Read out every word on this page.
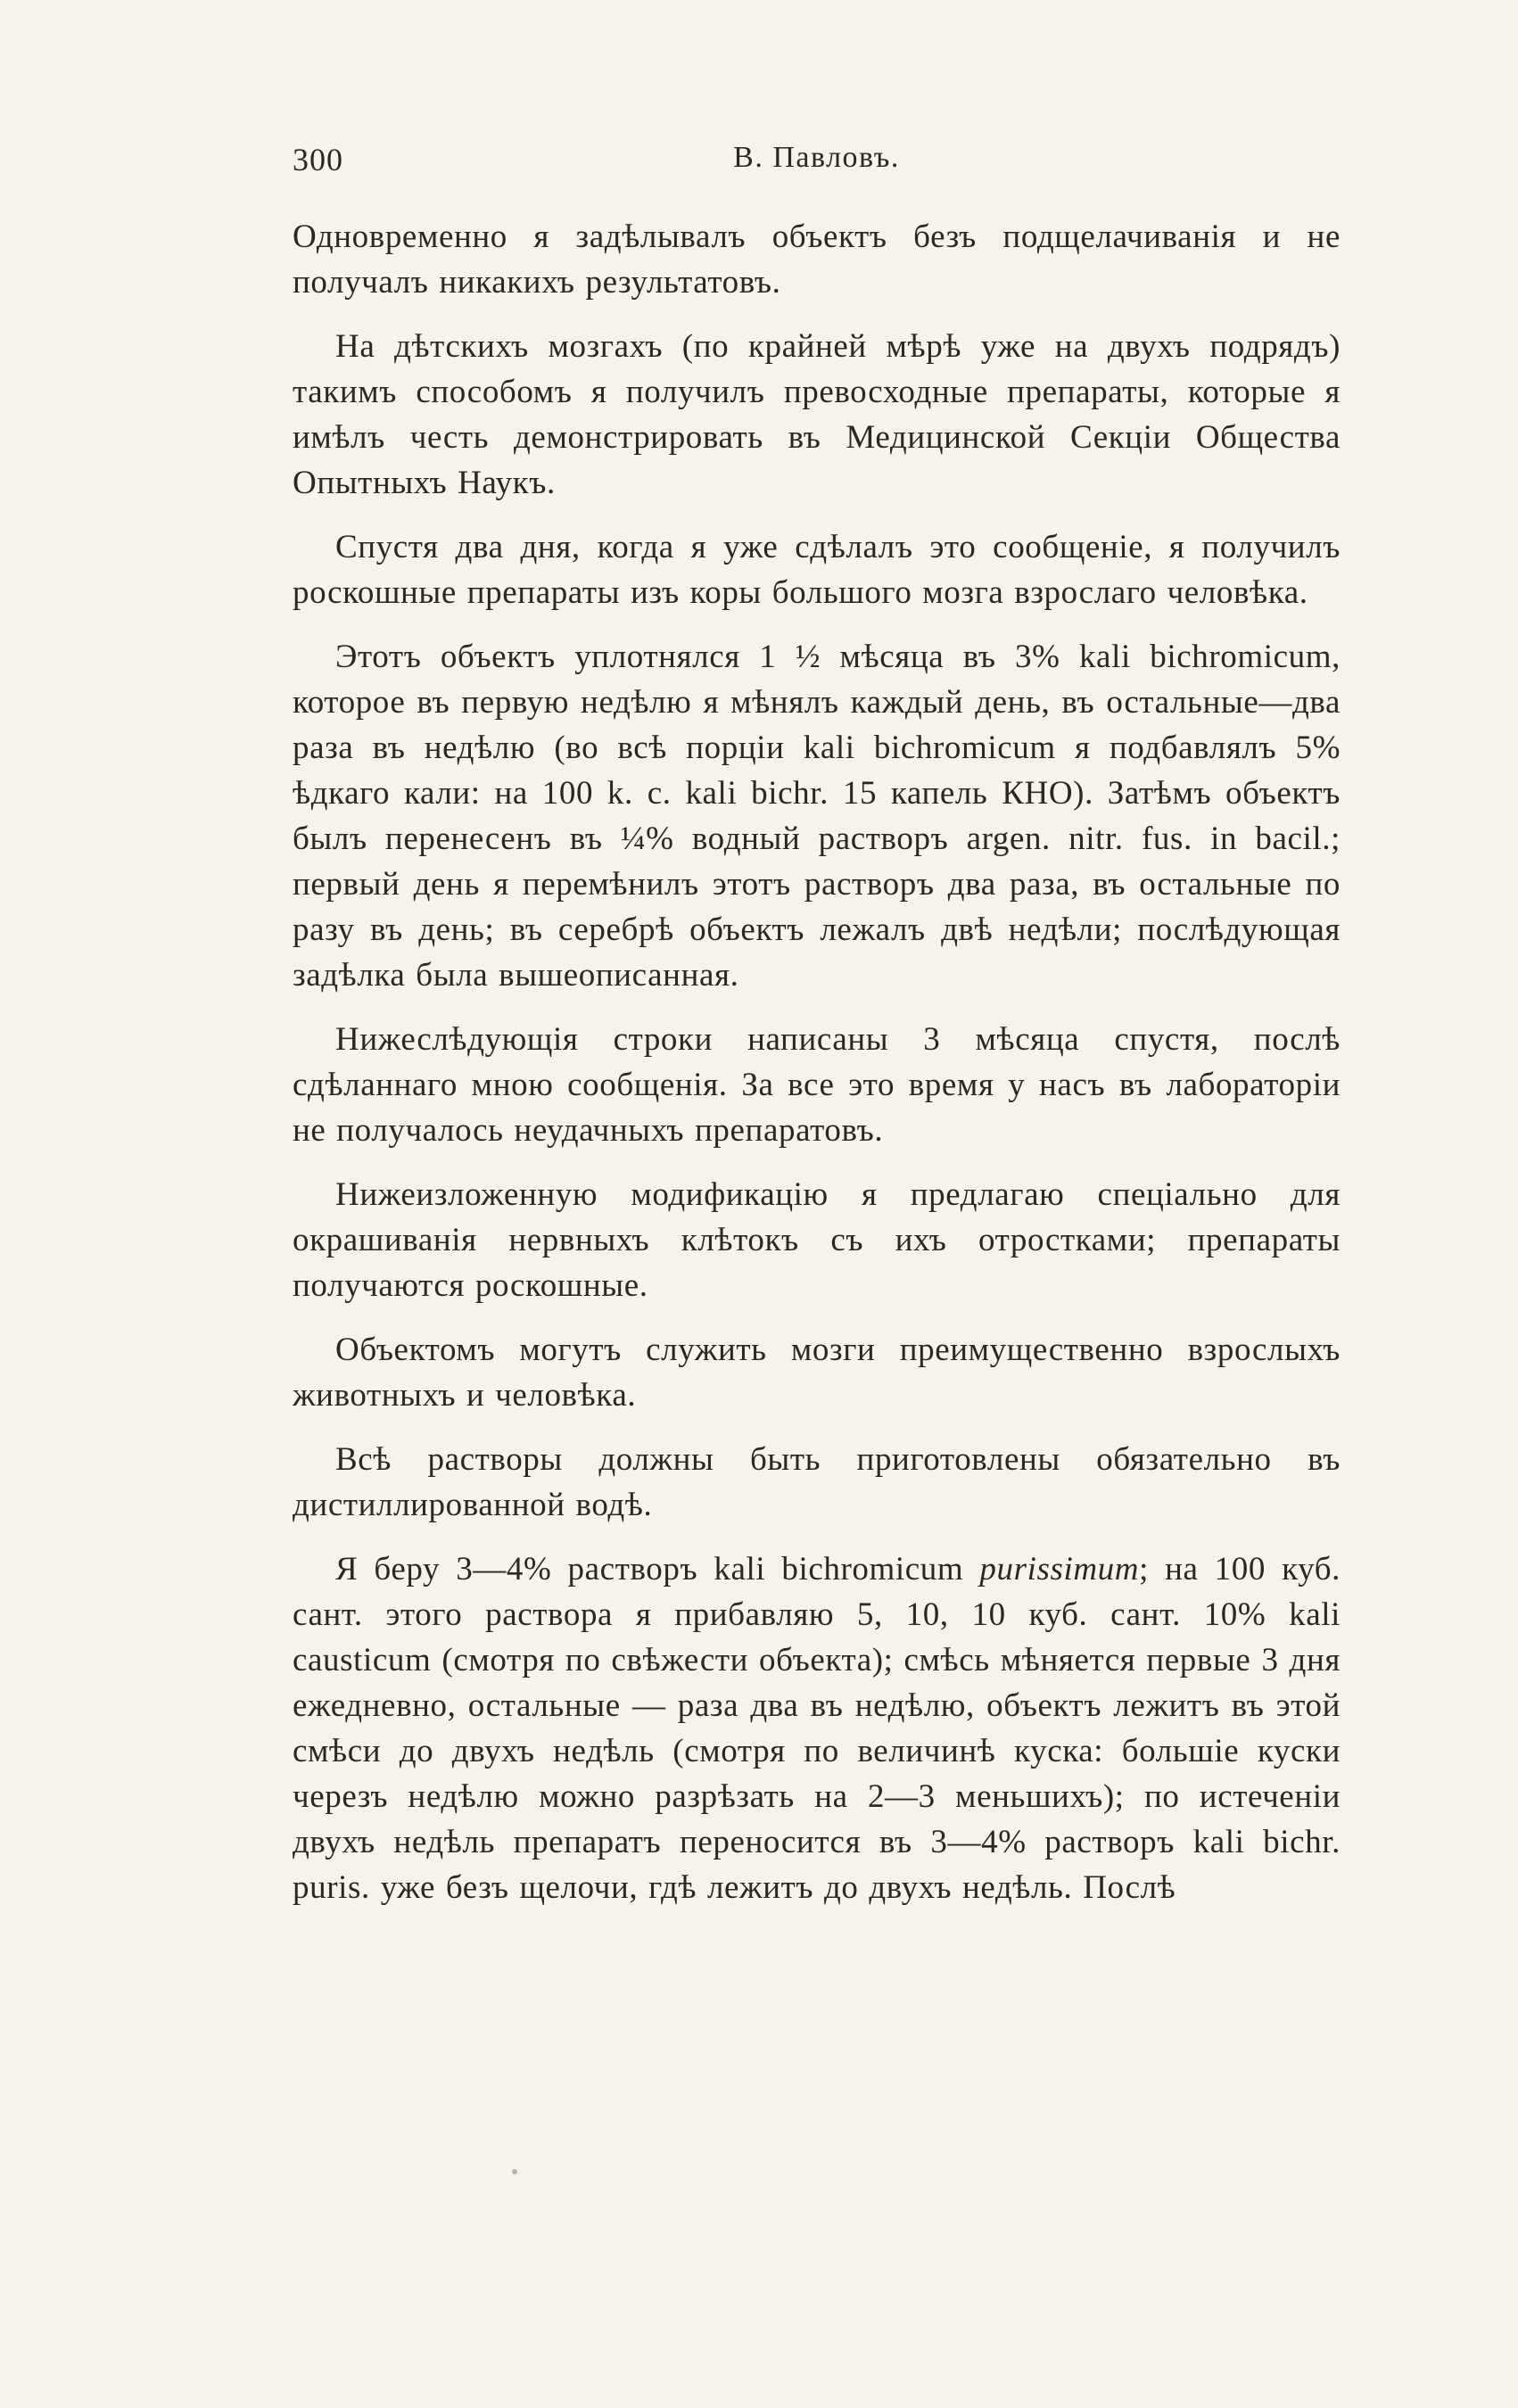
300	В. Павловъ.

Одновременно я задѣлывалъ объектъ безъ подщелачиванія и не получалъ никакихъ результатовъ.

На дѣтскихъ мозгахъ (по крайней мѣрѣ уже на двухъ подрядъ) такимъ способомъ я получилъ превосходные препараты, которые я имѣлъ честь демонстрировать въ Медицинской Секціи Общества Опытныхъ Наукъ.

Спустя два дня, когда я уже сдѣлалъ это сообщеніе, я получилъ роскошные препараты изъ коры большого мозга взрослаго человѣка.

Этотъ объектъ уплотнялся 1 ½ мѣсяца въ 3% kali bichromicum, которое въ первую недѣлю я мѣнялъ каждый день, въ остальные—два раза въ недѣлю (во всѣ порціи kali bichromicum я подбавлялъ 5% ѣдкаго кали: на 100 k. c. kali bichr. 15 капель КНО). Затѣмъ объектъ былъ перенесенъ въ ¼% водный растворъ argen. nitr. fus. in bacil.; первый день я перемѣнилъ этотъ растворъ два раза, въ остальные по разу въ день; въ серебрѣ объектъ лежалъ двѣ недѣли; послѣдующая задѣлка была вышеописанная.

Нижеслѣдующія строки написаны 3 мѣсяца спустя, послѣ сдѣланнаго мною сообщенія. За все это время у насъ въ лабораторіи не получалось неудачныхъ препаратовъ.

Нижеизложенную модификацію я предлагаю спеціально для окрашиванія нервныхъ клѣтокъ съ ихъ отростками; препараты получаются роскошные.

Объектомъ могутъ служить мозги преимущественно взрослыхъ животныхъ и человѣка.

Всѣ растворы должны быть приготовлены обязательно въ дистиллированной водѣ.

Я беру 3—4% растворъ kali bichromicum purissimum; на 100 куб. сант. этого раствора я прибавляю 5, 10, 10 куб. сант. 10% kali causticum (смотря по свѣжести объекта); смѣсь мѣняется первые 3 дня ежедневно, остальные — раза два въ недѣлю, объектъ лежитъ въ этой смѣси до двухъ недѣль (смотря по величинѣ куска: большіе куски черезъ недѣлю можно разрѣзать на 2—3 меньшихъ); по истеченіи двухъ недѣль препаратъ переносится въ 3—4% растворъ kali bichr. puris. уже безъ щелочи, гдѣ лежитъ до двухъ недѣль. Послѣ
